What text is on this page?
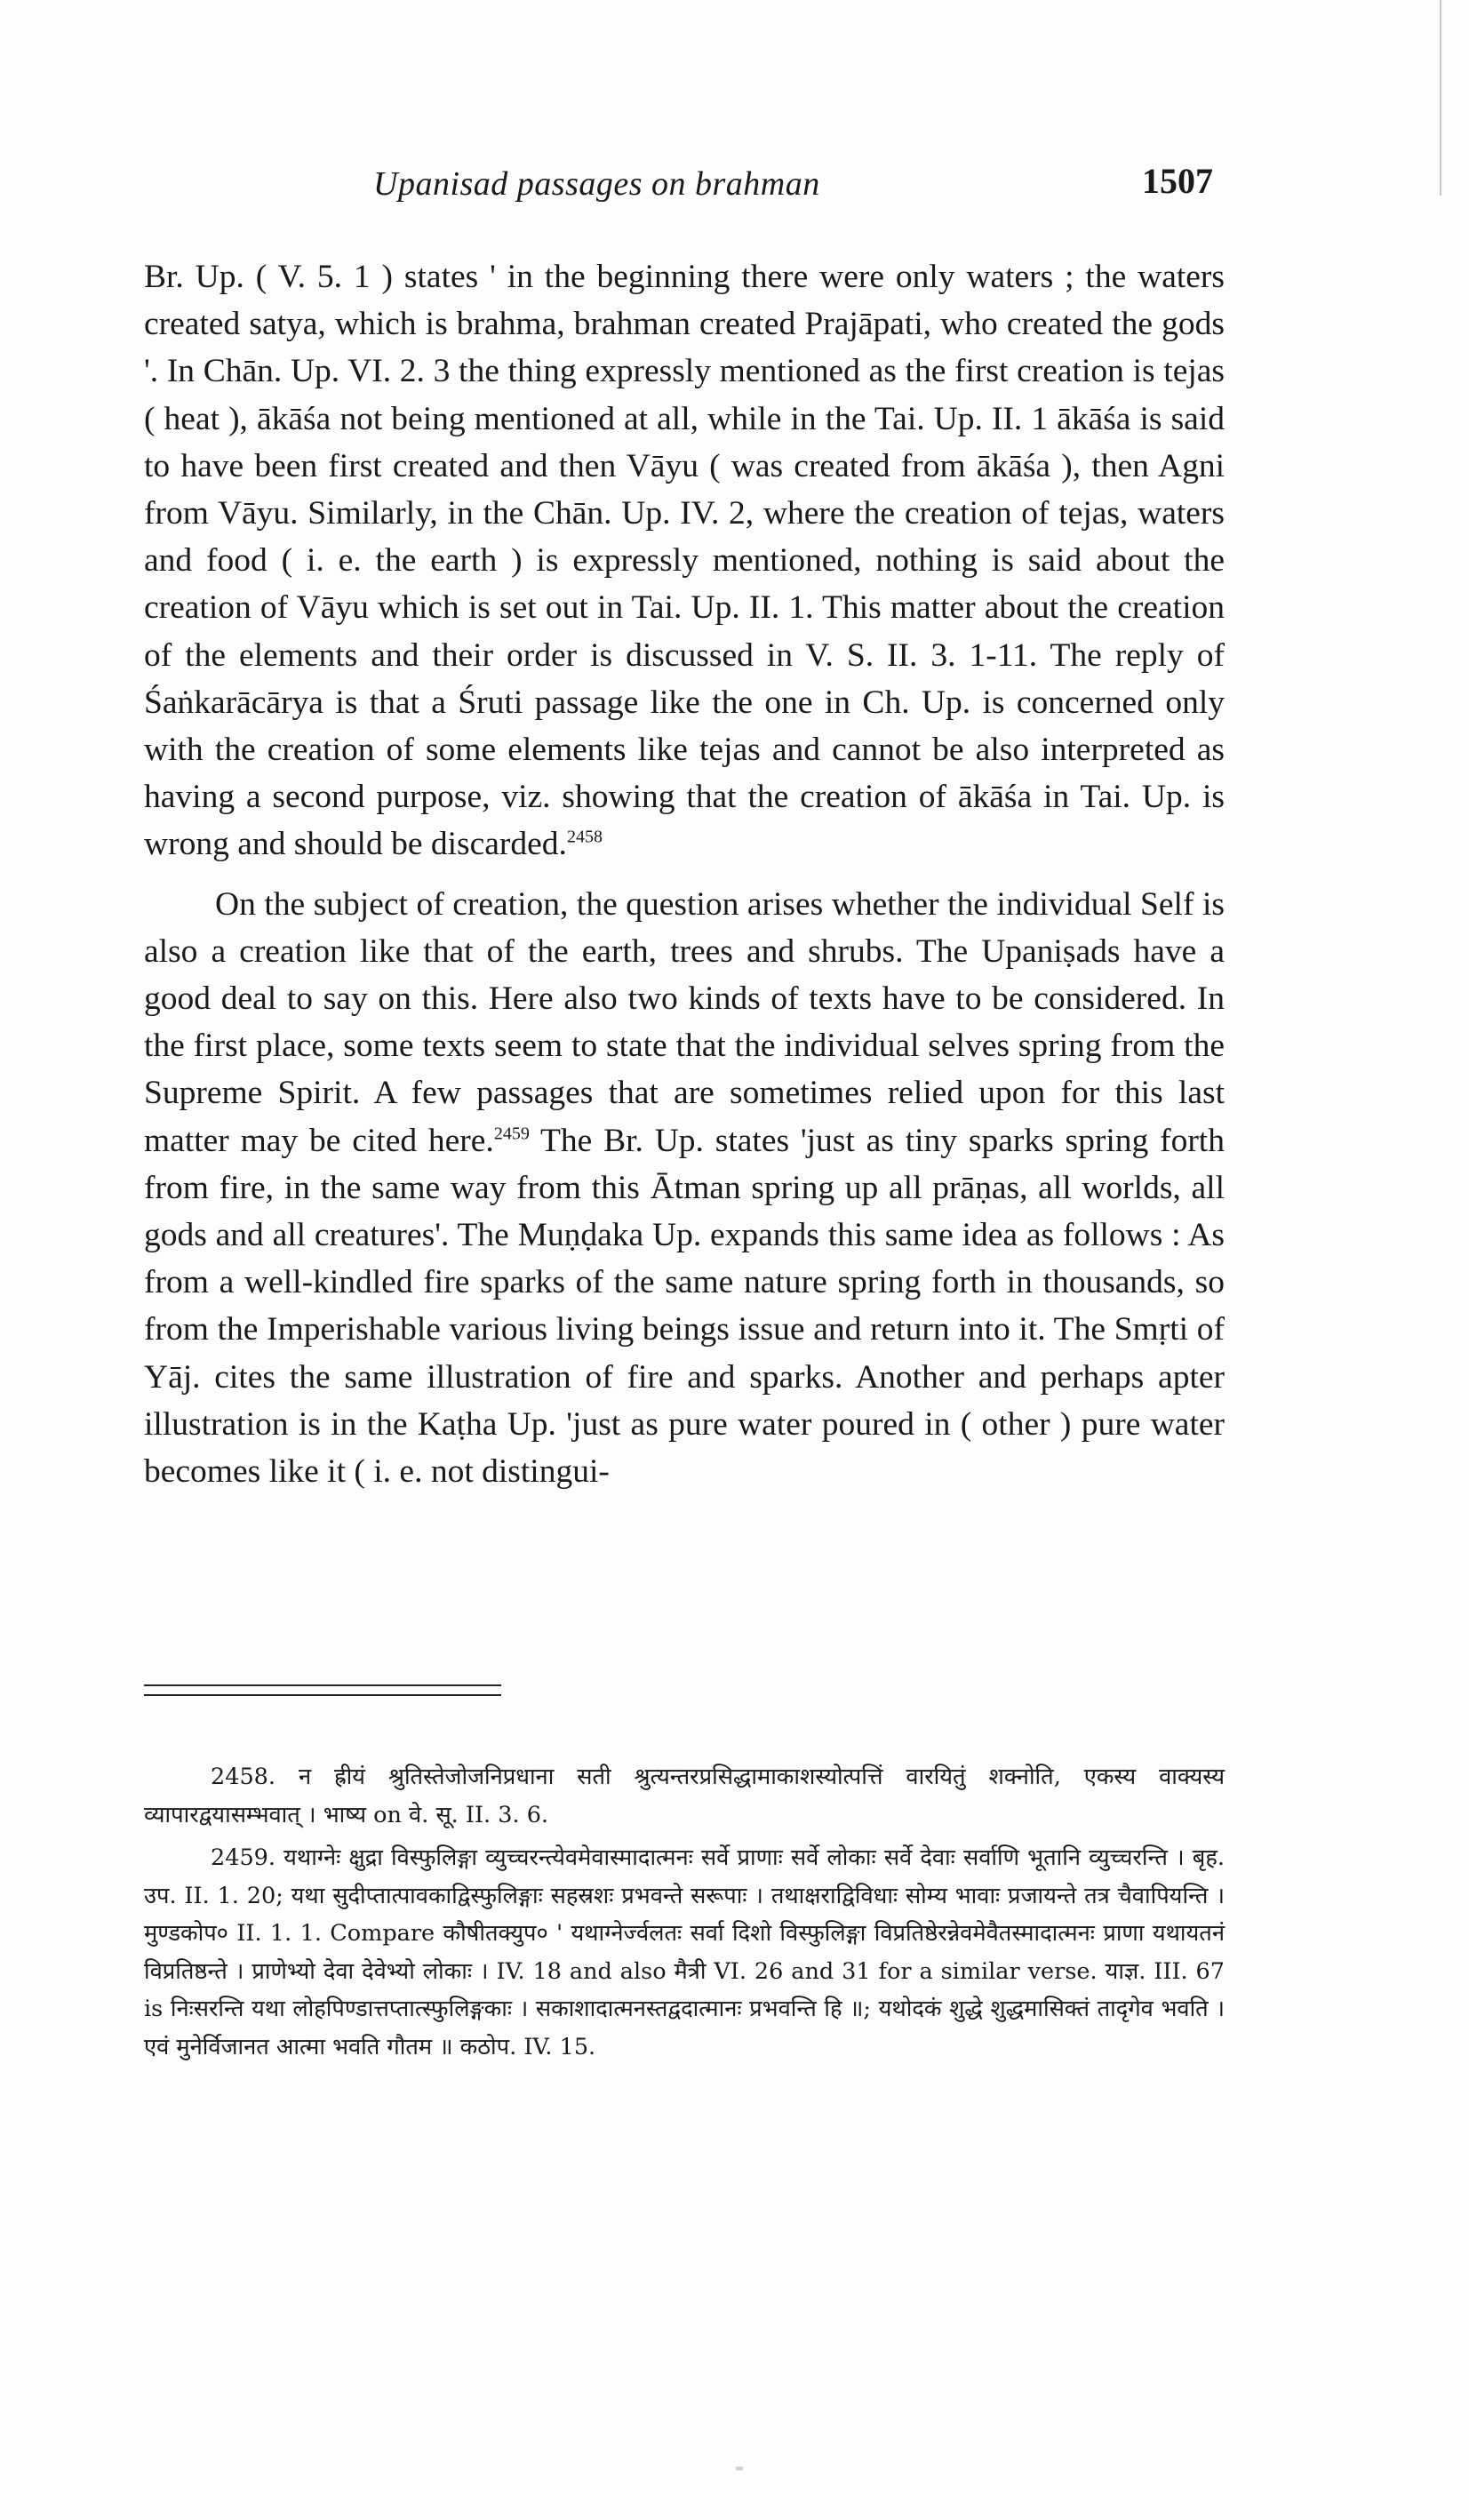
Upanisad passages on brahman	1507

Br. Up. ( V. 5. 1 ) states ' in the beginning there were only waters ; the waters created satya, which is brahma, brahman created Prajāpati, who created the gods '. In Chān. Up. VI. 2. 3 the thing expressly mentioned as the first creation is tejas ( heat ), ākāśa not being mentioned at all, while in the Tai. Up. II. 1 ākāśa is said to have been first created and then Vāyu ( was created from ākāśa ), then Agni from Vāyu. Similarly, in the Chān. Up. IV. 2, where the creation of tejas, waters and food ( i. e. the earth ) is expressly mentioned, nothing is said about the creation of Vāyu which is set out in Tai. Up. II. 1. This matter about the creation of the elements and their order is discussed in V. S. II. 3. 1-11. The reply of Śaṅkarācārya is that a Śruti passage like the one in Ch. Up. is concerned only with the creation of some elements like tejas and cannot be also interpreted as having a second purpose, viz. showing that the creation of ākāśa in Tai. Up. is wrong and should be discarded.$^{2458}$

On the subject of creation, the question arises whether the individual Self is also a creation like that of the earth, trees and shrubs. The Upaniṣads have a good deal to say on this. Here also two kinds of texts have to be considered. In the first place, some texts seem to state that the individual selves spring from the Supreme Spirit. A few passages that are sometimes relied upon for this last matter may be cited here.$^{2459}$ The Br. Up. states 'just as tiny sparks spring forth from fire, in the same way from this Ātman spring up all prāṇas, all worlds, all gods and all creatures'. The Muṇḍaka Up. expands this same idea as follows : As from a well-kindled fire sparks of the same nature spring forth in thousands, so from the Imperishable various living beings issue and return into it. The Smṛti of Yāj. cites the same illustration of fire and sparks. Another and perhaps apter illustration is in the Kaṭha Up. 'just as pure water poured in ( other ) pure water becomes like it ( i. e. not distingui-

2458. न ह्रीयं श्रुतिस्तेजोजनिप्रधाना सती श्रुत्यन्तरप्रसिद्धामाकाशस्योत्पत्तिं वारयितुं शक्नोति, एकस्य वाक्यस्य व्यापारद्वयासम्भवात् । भाष्य on वे. सू. II. 3. 6.

2459. यथाग्नेः क्षुद्रा विस्फुलिङ्गा व्युच्चरन्त्येवमेवास्मादात्मनः सर्वे प्राणाः सर्वे लोकाः सर्वे देवाः सर्वाणि भूतानि व्युच्चरन्ति । बृह. उप. II. 1. 20; यथा सुदीप्तात्पावकाद्विस्फुलिङ्गाः सहस्रशः प्रभवन्ते सरूपाः । तथाक्षराद्विविधाः सोम्य भावाः प्रजायन्ते तत्र चैवापियन्ति । मुण्डकोप० II. 1. 1. Compare कौषीतक्युप० ' यथाग्नेर्ज्वलतः सर्वा दिशो विस्फुलिङ्गा विप्रतिष्ठेरन्नेवमेवैतस्मादात्मनः प्राणा यथायतनं विप्रतिष्ठन्ते । प्राणेभ्यो देवा देवेभ्यो लोकाः । IV. 18 and also मैत्री VI. 26 and 31 for a similar verse. याज्ञ. III. 67 is निःसरन्ति यथा लोहपिण्डात्तप्तात्स्फुलिङ्गकाः । सकाशादात्मनस्तद्वदात्मानः प्रभवन्ति हि ॥; यथोदकं शुद्धे शुद्धमासिक्तं तादृगेव भवति । एवं मुनेर्विजानत आत्मा भवति गौतम ॥ कठोप. IV. 15.
